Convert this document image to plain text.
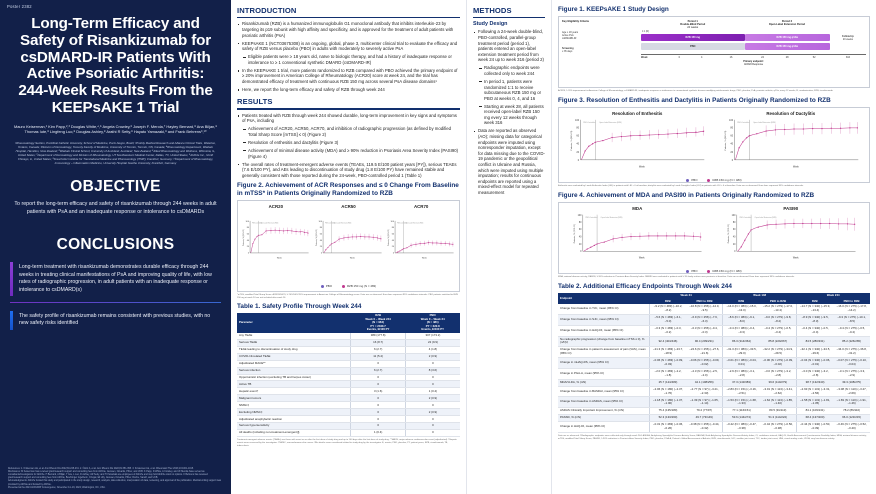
Poster 2382
Long-Term Efficacy and Safety of Risankizumab for csDMARD-IR Patients With Active Psoriatic Arthritis: 244-Week Results From the KEEPsAKE 1 Trial
Mauro Keiserman,¹ Kim Papp,²,³ Douglas White,⁴,⁵ Angela Crowley,⁶ Joseph F. Merola,⁷ Hayley Bernard,⁸ Ana Biljan,⁸ Thomas Iute,⁸ Lingfeng Luo,⁸ Douglas Ashley,⁸ Arathi R Setty,⁸ Hayato Yamazaki,⁸ and Frank Behrens⁹,¹⁰
¹Rheumatology Section, Pontifical Catholic University, School of Medicine, Porto Alegre, Brazil; ²Probity Medical Research and Alliance Clinical Trials, Waterloo, Ontario, Canada; ³Division of Dermatology, Temerty Faculty of Medicine, University of Toronto, Toronto, ON, Canada; ⁴Rheumatology Department, Waikato Hospital, Hamilton, New Zealand; ⁵Waikato Clinical School, University of Auckland, Auckland, New Zealand; ⁶Allied Rheumatology and Wellness, Wilmslow, IL, United States; ⁷Department of Dermatology and Division of Rheumatology, UT Southwestern Medical Center, Dallas, TX, United States; ⁸AbbVie Inc., North Chicago, IL, United States; ⁹Fraunhofer Institute for Translational Medicine and Pharmacology (ITMP), Frankfurt, Germany; ¹⁰Department of Rheumatology, Immunology – Inflammation Medicine, University Hospital Goethe University, Frankfurt, Germany
OBJECTIVE
To report the long-term efficacy and safety of risankizumab through 244 weeks in adult patients with PsA and an inadequate response or intolerance to csDMARDs
CONCLUSIONS
Long-term treatment with risankizumab demonstrates durable efficacy through 244 weeks in treating clinical manifestations of PsA and improving quality of life, with low rates of radiographic progression, in adult patients with an inadequate response or intolerance to csDMARD(s)
The safety profile of risankizumab remains consistent with previous studies, with no new safety risks identified
References: 1. Kristensen LE, et al. Ann Rheum Dis 2022;81:225-231. 2. Östör A, et al. Ann Rheum Dis 2022;81:351-358. 3. Kristensen LE, et al. Rheumatol Ther 2023;10:1001-1015.
Disclosures: M Keiserman has received grant/research support and consulting fees from AbbVie, Janssen, Novartis, Pfizer, and UCB. K Papp, D White, A Crowley, and JF Merola have served as consultants/investigators for AbbVie. H Bernard, A Biljan, T Iute, L Luo, D Ashley, AR Setty, and H Yamazaki are employees of AbbVie and may hold AbbVie stock or options. F Behrens has received grant/research support and consulting fees from AbbVie, Boehringer Ingelheim, Chugai, Eli Lilly, Janssen, Novartis, Pfizer, Roche, Sanofi, and UCB.
Acknowledgments: AbbVie funded this study and participated in the study design, research, analysis, data collection, interpretation of data, reviewing, and approval of the publication. Medical writing support was provided by AbbVie and funded by AbbVie.
Presented at the 2024 ACR/ARP Convergence; November 14–19, 2024; Washington, DC, USA.
INTRODUCTION
Risankizumab (RZB) is a humanized immunoglobulin G1 monoclonal antibody that inhibits interleukin-23 by targeting its p19 subunit with high affinity and specificity, and is approved for the treatment of adult patients with psoriatic arthritis (PsA)
KEEPsAKE 1 (NCT03675308) is an ongoing, global, phase 3, multicenter clinical trial to evaluate the efficacy and safety of RZB versus placebo (PBO) in adults with moderately to severely active PsA
Eligible patients were ≥ 18 years old, naïve to biologic therapy, and had a history of inadequate response or intolerance to ≥ 1 conventional synthetic DMARD (csDMARD-IR)
In the KEEPsAKE 1 trial, more patients randomized to RZB compared with PBO achieved the primary endpoint of ≥ 20% improvement in American College of Rheumatology (ACR20) score at week 24, and the trial has demonstrated efficacy of treatment with continuous RZB 150 mg across several PsA disease domains¹
Here, we report the long-term efficacy and safety of RZB through week 244
RESULTS
Patients treated with RZB through week 244 showed durable, long-term improvement in key signs and symptoms of PsA, including
Achievement of ACR20, ACR50, ACR70, and inhibition of radiographic progression (as defined by modified Total Sharp Score [mTSS] ≤ 0) (Figure 2)
Resolution of enthesitis and dactylitis (Figure 3)
Achievement of minimal disease activity (MDA) and ≥ 90% reduction in Psoriasis Area Severity Index (PASI90) (Figure 4)
The overall rates of treatment-emergent adverse events (TEAEs, 119.5 E/100 patient years [PY]), serious TEAEs (7.6 E/100 PY), and AEs leading to discontinuation of study drug (1.8 E/100 PY) have remained stable and generally consistent with those reported during the 24-week, PBO-controlled period 1 (Table 1)
Figure 2. Achievement of ACR Responses and ≤ 0 Change From Baseline in mTSS* in Patients Originally Randomized to RZB
ACR20
0
20
40
60
80
100
Patients, % (95% CI)
Week
PBO-Controlled
Open-Label Extension (RZB)
ACR50
0
20
40
60
80
100
Patients, % (95% CI)
Week
PBO-Controlled
Open-Label Extension (RZB)
ACR70
0
20
40
60
80
100
Patients, % (95% CI)
Week
PBO-Controlled
Open-Label Extension (RZB)
PBO	RZB 150 mg (N = 483)
*mTSS, modified Total Sharp Score. ACR20/50/70, ≥ 20%/50%/70% improvement in American College of Rheumatology score. Data are as observed. Error bars represent 95% confidence intervals. PBO patients switched to RZB 150 mg at week 24 are not included after week 24.
Table 1. Safety Profile Through Week 244
Parameter	
RZB
Week 0 – Week 244
(N = 964)
PY = 2340.7
Events, E/100 PY

PBO
Week 0 – Week 24
(N = 481)
PY = 222.8
Events, E/100 PY

Any TEAE	389 (177.8)	307 (173.2)
Serious TEAE	16 (8.7)	22 (9.9)
TEAE leading to discontinuation of study drug	6 (2.7)	4 (1.8)
COVID-19-related TEAE	11 (5.4)	2 (0.9)
Adjudicated MACE**	0	0
Serious infection	6 (2.7)	8 (3.6)
Opportunistic infection (excluding TB and herpes zoster)	0	0
Active TB	0	0
Hepatic event†	3 (1.6)	1 (0.4)
Malignant tumors	0	2 (0.9)
NMSC‡	0	0
Excluding NMSC‡	0	2 (0.9)
Adjudicated anaphylactic reaction	0	0
Serious hypersensitivity	0	0
All deaths (including non-treatment-emergent)§	1 (0.4)	0
Treatment-emergent adverse events (TEAEs) are those with onset on or after the first dose of study drug and up to 140 days after the last dose of study drug. **MACE, major adverse cardiovascular event (adjudicated). †Hepatic events were assessed by the investigator. ‡NMSC, non-melanoma skin cancer. §No deaths were considered related to study drug by the investigator. E, events; PBO, placebo; PY, patient years; RZB, risankizumab; TB, tuberculosis.
METHODS
Study Design
Following a 24-week double-blind, PBO-controlled, parallel-group treatment period (period 1), patients entered an open-label extension treatment period from week 24 up to week 316 (period 2)
Radiographic endpoints were collected only to week 244
In period 1, patients were randomized 1:1 to receive subcutaneous RZB 150 mg or PBO at weeks 0, 4, and 16
Starting at week 28, all patients received open-label RZB 150 mg every 12 weeks through week 316
Data are reported as observed (AO); missing data for categorical endpoints were imputed using nonresponder imputation, except for data missing due to the COVID-19 pandemic or the geopolitical conflict in Ukraine and Russia, which were imputed using multiple imputation; results for continuous endpoints are reported using a mixed-effect model for repeated measurement
Figure 1. KEEPsAKE 1 Study Design
Key Eligibility Criteria	Period 1
Double-Blind Period
24 weeks
Period 2
Open-Label Extension Period
Age ≥ 18 years
Active PsA
csDMARD-IR
Screening
≤ 35 days
1:1 (R)
RZB 150 mg	RZB 150 mg q12w	Follow-Up
20 weeks
PBO	RZB 150 mg q12w
Week	0	4	16	24	28	52	316
Primary endpoint:
ACR20 Response
ACR20, ≥ 20% improvement in American College of Rheumatology; csDMARD-IR, inadequate response or intolerance to conventional synthetic disease-modifying antirheumatic drugs; PBO, placebo; PsA, psoriatic arthritis; q12w, every 12 weeks; R, randomization; RZB, risankizumab.
Figure 3. Resolution of Enthesitis and Dactylitis in Patients Originally Randomized to RZB
Resolution of Enthesitis
0
20
40
60
80
100
Patients, % (95% CI)
Week
PBO-Controlled Open-Label Extension (RZB)
Resolution of Dactylitis
0
20
40
60
80
100
Patients, % (95% CI)
Week
PBO-Controlled Open-Label Extension (RZB)
PBO	RZB 150 mg (N = 483)
Enthesitis was evaluated by Leeds Enthesitis Index (LEI) in patients with LEI > 0 at baseline; dactylitis was evaluated by Leeds Dactylitis Index (LDI) in patients with LDI > 0 at baseline. Data are as observed. Error bars represent 95% confidence intervals.
Figure 4. Achievement of MDA and PASI90 in Patients Originally Randomized to RZB
MDA
0
20
40
60
80
100
Patients, % (95% CI)
Week
PBO-Controlled Open-Label Extension (RZB)
PASI90
0
20
40
60
80
100
Patients, % (95% CI)
Week
PBO-Controlled Open-Label Extension (RZB)
PBO	RZB 150 mg (N = 483)
MDA, minimal disease activity; PASI90, ≥ 90% reduction in Psoriasis Area Severity Index. PASI90 was evaluated in patients with ≥ 3% body surface area psoriasis at baseline. Data are as observed. Error bars represent 95% confidence intervals.
Table 2. Additional Efficacy Endpoints Through Week 244
Endpoint	Week 24		Week 148		Week 244	
	RZB	PBO to RZB	RZB	PBO to RZB	RZB	PBO to RZB
Change from baseline in TJC, mean (95% CI)	−9.2 (N = 483) (−10.2, −8.2)	−10.8 (N = 256) (−12.0, −9.5)	−14.0 (N = 383) (−15.0, −13.0)	−15.2 (N = 279) (−17.0, −13.4)	−14.7 (N = 340) (−15.9, −13.4)	−16.0 (N = 275) (−17.8, −14.2)
Change from baseline in SJC, mean (95% CI)	−5.6 (N = 483) (−6.1, −5.0)	−6.9 (N = 256) (−7.6, −6.3)	−8.6 (N = 383) (−9.1, −8.0)	−9.0 (N = 279) (−9.8, −8.2)	−8.9 (N = 340) (−9.5, −8.3)	−9.3 (N = 275) (−10.1, −8.5)
Change from baseline in HAQ-DI, mean (95% CI)	−0.3 (N = 483) (−0.3, −0.2)	−0.3 (N = 256) (−0.4, −0.3)	−0.4 (N = 383) (−0.4, −0.3)	−0.4 (N = 279) (−0.5, −0.4)	−0.4 (N = 340) (−0.5, −0.4)	−0.4 (N = 275) (−0.5, −0.4)
No radiographic progression (change from baseline mTSS ≤ 0), % (n/N)‡	92.4 (404/446)	90.4 (209/231)	86.3 (314/364)	85.8 (229/267)	84.5 (280/331)	85.2 (226/265)
Change from baseline in patient's assessment of pain (VAS), mean (95% CI)	−21.3 (N = 483) (−23.7, −18.9)	−24.6 (N = 256) (−27.6, −21.6)	−31.3 (N = 383) (−33.5, −29.0)	−32.2 (N = 279) (−34.9, −29.5)	−32.1 (N = 340) (−34.5, −29.6)	−34.0 (N = 275) (−36.8, −31.2)
Change in mHAQ-RS, mean (95% CI)	−0.06 (N = 483) (−0.09, −0.03)	−0.06 (N = 256) (−0.09, −0.02)	−0.01 (N = 383) (−0.04, 0.01)	−0.06 (N = 279) (−0.09, −0.02)	−0.04 (N = 340) (−0.06, −0.01)	−0.07 (N = 275) (−0.10, −0.04)
Change in PGA-A, mean (95% CI)	−2.0 (N = 483) (−2.2, −1.8)	−2.3 (N = 256) (−2.5, −2.0)	−2.9 (N = 383) (−3.1, −2.8)	−3.0 (N = 279) (−3.2, −2.8)	−3.0 (N = 340) (−3.2, −2.8)	−3.1 (N = 275) (−3.3, −2.9)
MDA/VLDA, % (n/N)	25.7 (124/483)	42.1 (108/256)	37.3 (143/383)	39.6 (110/279)	38.7 (132/340)	39.3 (108/275)
Change from baseline in BASDAI, mean (95% CI)	−2.06 (N = 180) (−2.37, −1.76)	−2.77 (N = 97) (−3.21, −2.33)	−2.83 (N = 151) (−3.16, −2.51)	−3.01 (N = 113) (−3.41, −2.62)	−2.93 (N = 131) (−3.31, −2.56)	−3.08 (N = 110) (−3.47, −2.69)
Change from baseline in ASDAS, mean (95% CI)	−1.18 (N = 180) (−1.37, −1.00)	−1.39 (N = 97) (−1.65, −1.14)	−1.53 (N = 151) (−1.68, −1.33)	−1.62 (N = 113) (−1.85, −1.40)	−1.58 (N = 131) (−1.81, −1.35)	−1.69 (N = 110) (−1.91, −1.46)
ASDAS Clinically Important Improvement, % (n/N)	75.4 (135/180)	79.2 (77/97)	77.1 (116/151)	80.5 (91/113)	84.1 (109/131)	78.2 (86/110)
PASI90, % (n/N)	52.3 (133/260)	49.7 (73/149)	53.6 (144/274)	51.3 (114/222)	68.4 (137/200)	66.0 (123/215)
Change in HAQ-DI, mean (95% CI)	−0.31 (N = 483) (−0.36, −0.26)	−0.38 (N = 256) (−0.44, −0.32)	−0.42 (N = 383) (−0.47, −0.38)	−0.44 (N = 279) (−0.50, −0.38)	−0.44 (N = 340) (−0.50, −0.39)	−0.46 (N = 275) (−0.52, −0.40)
Data are as observed. ‡Radiographic endpoints were collected only through week 244. ASDAS, Ankylosing Spondylitis Disease Activity Score; BASDAI, Bath Ankylosing Spondylitis Disease Activity Index; CI, confidence interval; HAQ-DI, Health Assessment Questionnaire-Disability Index; MDA, minimal disease activity; mTSS, modified Total Sharp Score; PASI90, ≥ 90% reduction in Psoriasis Area Severity Index; PBO, placebo; PGA-A, Patient's Global Assessment of Arthritis; RZB, risankizumab; SJC, swollen joint count; TJC, tender joint count; VAS, visual analog scale; VLDA, very low disease activity.
